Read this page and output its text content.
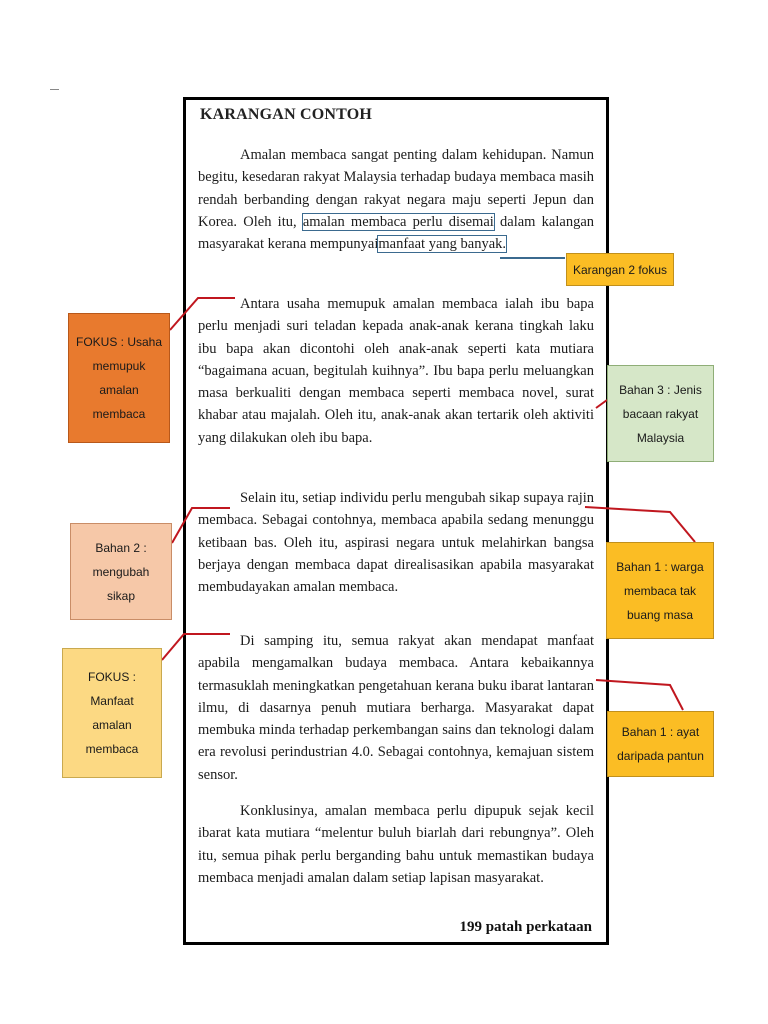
KARANGAN CONTOH

Amalan membaca sangat penting dalam kehidupan. Namun begitu, kesedaran rakyat Malaysia terhadap budaya membaca masih rendah berbanding dengan rakyat negara maju seperti Jepun dan Korea. Oleh itu, amalan membaca perlu disemai dalam kalangan masyarakat kerana mempunyaimanfaat yang banyak.

Antara usaha memupuk amalan membaca ialah ibu bapa perlu menjadi suri teladan kepada anak-anak kerana tingkah laku ibu bapa akan dicontohi oleh anak-anak seperti kata mutiara “bagaimana acuan, begitulah kuihnya”. Ibu bapa perlu meluangkan masa berkualiti dengan membaca seperti membaca novel, surat khabar atau majalah. Oleh itu, anak-anak akan tertarik oleh aktiviti yang dilakukan oleh ibu bapa.

Selain itu, setiap individu perlu mengubah sikap supaya rajin membaca. Sebagai contohnya, membaca apabila sedang menunggu ketibaan bas. Oleh itu, aspirasi negara untuk melahirkan bangsa berjaya dengan membaca dapat direalisasikan apabila masyarakat membudayakan amalan membaca.

Di samping itu, semua rakyat akan mendapat manfaat apabila mengamalkan budaya membaca. Antara kebaikannya termasuklah meningkatkan pengetahuan kerana buku ibarat lantaran ilmu, di dasarnya penuh mutiara berharga. Masyarakat dapat membuka minda terhadap perkembangan sains dan teknologi dalam era revolusi perindustrian 4.0. Sebagai contohnya, kemajuan sistem sensor.

Konklusinya, amalan membaca perlu dipupuk sejak kecil ibarat kata mutiara “melentur buluh biarlah dari rebungnya”. Oleh itu, semua pihak perlu berganding bahu untuk memastikan budaya membaca menjadi amalan dalam setiap lapisan masyarakat.

199 patah perkataan
Karangan 2 fokus
FOKUS : Usaha
memupuk
amalan
membaca
Bahan 3 : Jenis
bacaan rakyat
Malaysia
Bahan 2 :
mengubah
sikap
Bahan 1 : warga
membaca tak
buang masa
FOKUS :
Manfaat
amalan
membaca
Bahan 1 : ayat
daripada pantun
